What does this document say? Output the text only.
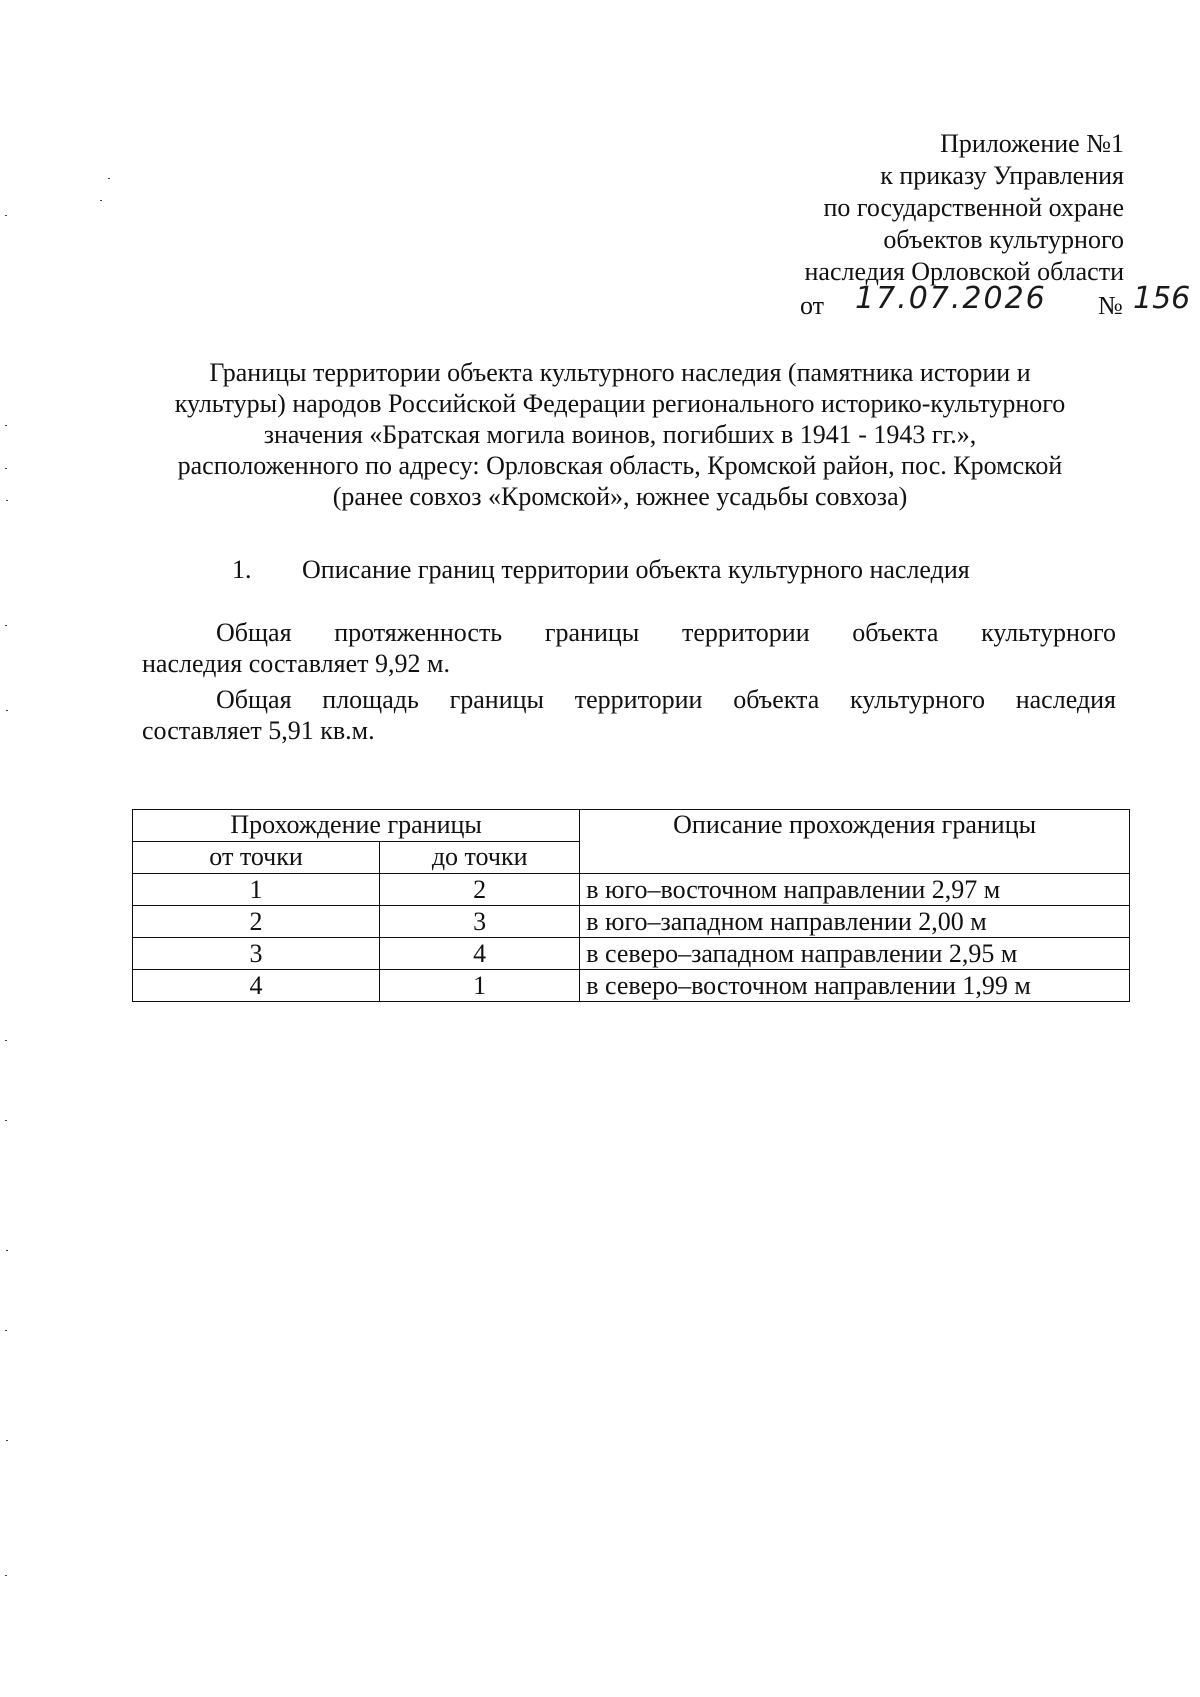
Приложение №1
к приказу Управления
по государственной охране
объектов культурного
наследия Орловской области
от 17.07.2026 № 156
Границы территории объекта культурного наследия (памятника истории и
культуры) народов Российской Федерации регионального историко-культурного
значения «Братская могила воинов, погибших в 1941 - 1943 гг.»,
расположенного по адресу: Орловская область, Кромской район, пос. Кромской
(ранее совхоз «Кромской», южнее усадьбы совхоза)
1. Описание границ территории объекта культурного наследия
Общая протяженность границы территории объекта культурного
наследия составляет 9,92 м.
Общая площадь границы территории объекта культурного наследия
составляет 5,91 кв.м.
Прохождение границы		Описание прохождения границы
от точки	до точки	
1	2	в юго–восточном направлении 2,97 м
2	3	в юго–западном направлении 2,00 м
3	4	в северо–западном направлении 2,95 м
4	1	в северо–восточном направлении 1,99 м
